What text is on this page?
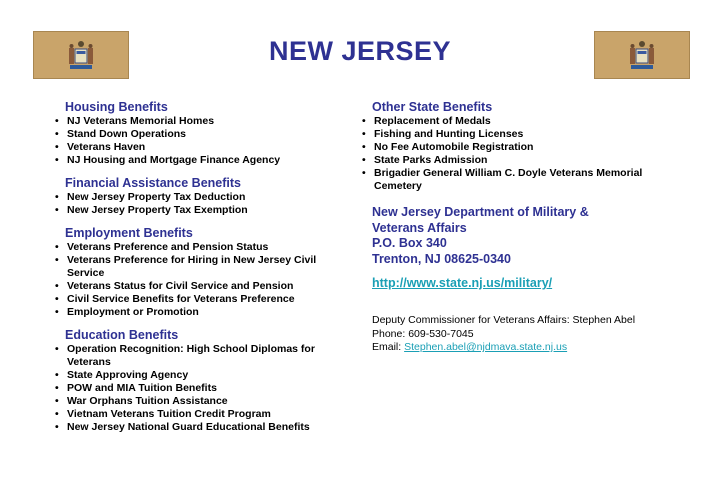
NEW JERSEY
Housing Benefits
• NJ Veterans Memorial Homes
• Stand Down Operations
• Veterans Haven
• NJ Housing and Mortgage Finance Agency
Financial Assistance Benefits
• New Jersey Property Tax Deduction
• New Jersey Property Tax Exemption
Employment Benefits
• Veterans Preference and Pension Status
• Veterans Preference for Hiring in New Jersey Civil Service
• Veterans Status for Civil Service and Pension
• Civil Service Benefits for Veterans Preference
• Employment or Promotion
Education Benefits
• Operation Recognition: High School Diplomas for Veterans
• State Approving Agency
• POW and MIA Tuition Benefits
• War Orphans Tuition Assistance
• Vietnam Veterans Tuition Credit Program
• New Jersey National Guard Educational Benefits
Other State Benefits
• Replacement of Medals
• Fishing and Hunting Licenses
• No Fee Automobile Registration
• State Parks Admission
• Brigadier General William C. Doyle Veterans Memorial Cemetery
New Jersey Department of Military &
Veterans Affairs
P.O. Box 340
Trenton, NJ 08625-0340
http://www.state.nj.us/military/
Deputy Commissioner for Veterans Affairs: Stephen Abel
Phone: 609-530-7045
Email: Stephen.abel@njdmava.state.nj.us
